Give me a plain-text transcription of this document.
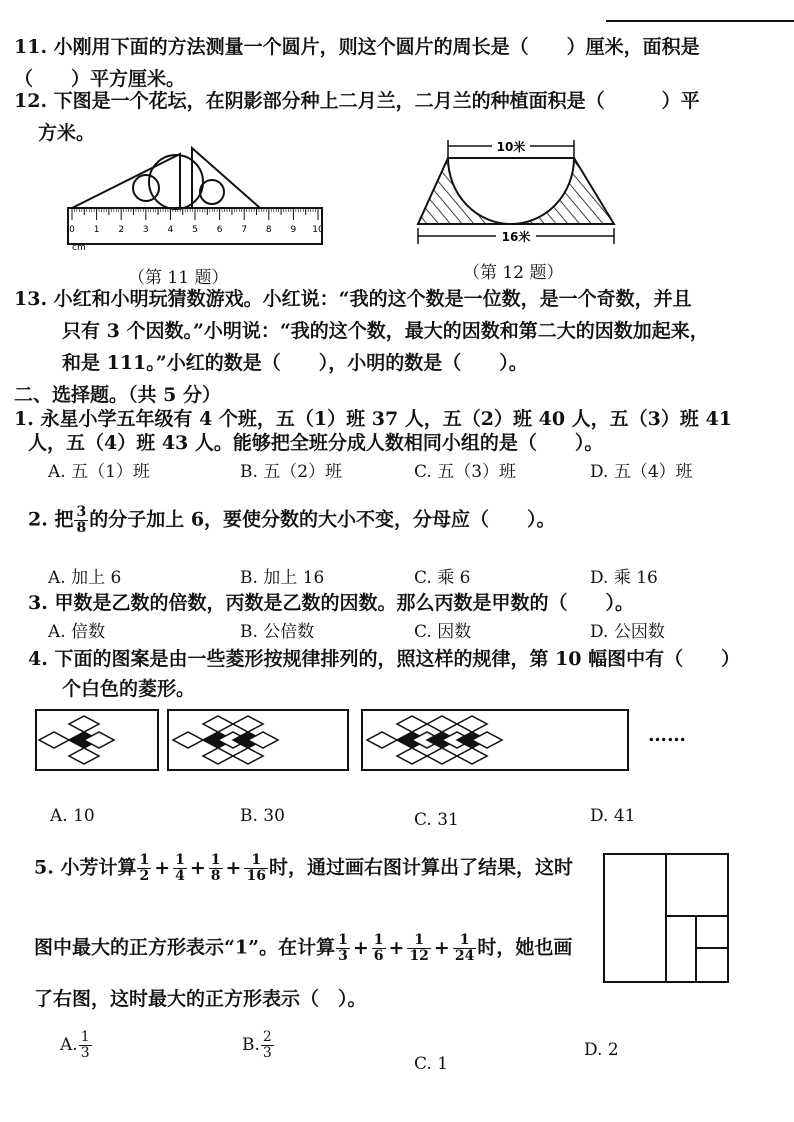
11. 小刚用下面的方法测量一个圆片，则这个圆片的周长是（　　）厘米，面积是
（　　）平方厘米。
12. 下图是一个花坛，在阴影部分种上二月兰，二月兰的种植面积是（　　　）平
方米。
0 1 2 3 4 5 6 7 8 9 10
cm
（第 11 题）
10米
16米
（第 12 题）
13. 小红和小明玩猜数游戏。小红说：“我的这个数是一位数，是一个奇数，并且
只有 3 个因数。”小明说：“我的这个数，最大的因数和第二大的因数加起来，
和是 111。”小红的数是（　　），小明的数是（　　）。
二、选择题。（共 5 分）
1. 永星小学五年级有 4 个班，五（1）班 37 人，五（2）班 40 人，五（3）班 41
人，五（4）班 43 人。能够把全班分成人数相同小组的是（　　）。
A. 五（1）班	B. 五（2）班	C. 五（3）班	D. 五（4）班
2. 把 $\frac{3}{8}$ 的分子加上 6，要使分数的大小不变，分母应（　　）。
A. 加上 6	B. 加上 16	C. 乘 6	D. 乘 16
3. 甲数是乙数的倍数，丙数是乙数的因数。那么丙数是甲数的（　　）。
A. 倍数	B. 公倍数	C. 因数	D. 公因数
4. 下面的图案是由一些菱形按规律排列的，照这样的规律，第 10 幅图中有（　　）
个白色的菱形。
……
A. 10	B. 30	C. 31	D. 41
5. 小芳计算 $\frac{1}{2} + \frac{1}{4} + \frac{1}{8} + \frac{1}{16}$ 时，通过画右图计算出了结果，这时
图中最大的正方形表示“1”。在计算 $\frac{1}{3} + \frac{1}{6} + \frac{1}{12} + \frac{1}{24}$ 时，她也画
了右图，这时最大的正方形表示（　）。
A. $\frac{1}{3}$	B. $\frac{2}{3}$
C. 1
D. 2
